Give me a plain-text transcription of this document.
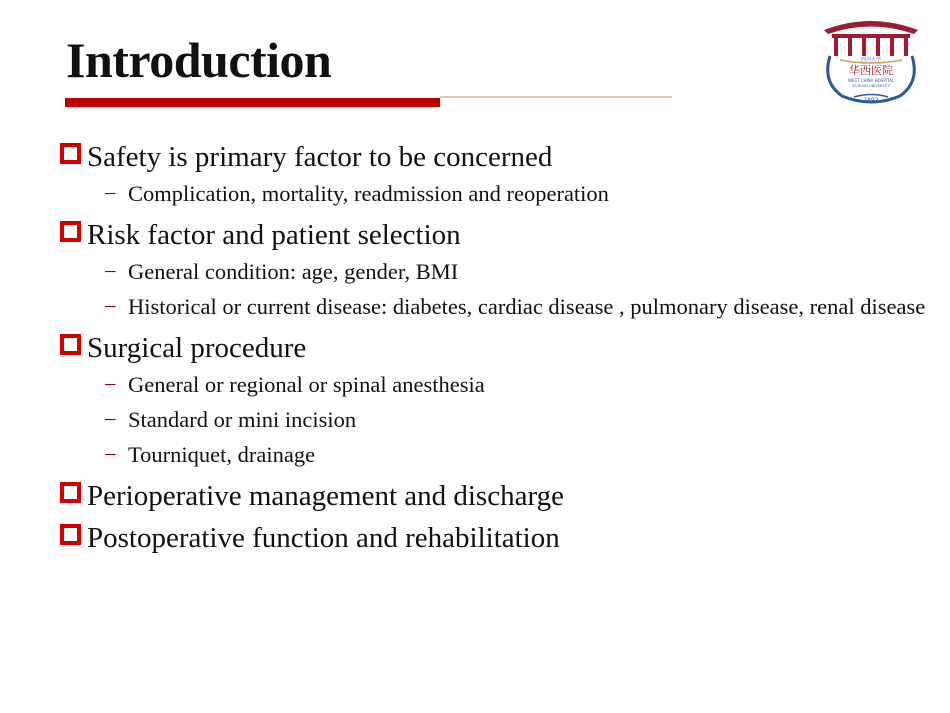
Introduction	四川大学
华西医院
WEST CHINA HOSPITAL
SICHUAN UNIVERSITY
1892
Safety is primary factor to be concerned
− Complication, mortality, readmission and reoperation
Risk factor and patient selection
− General condition: age, gender, BMI
− Historical or current disease: diabetes, cardiac disease , pulmonary disease, renal disease
Surgical procedure
− General or regional or spinal anesthesia
− Standard or mini incision
− Tourniquet, drainage
Perioperative management and discharge
Postoperative function and rehabilitation
